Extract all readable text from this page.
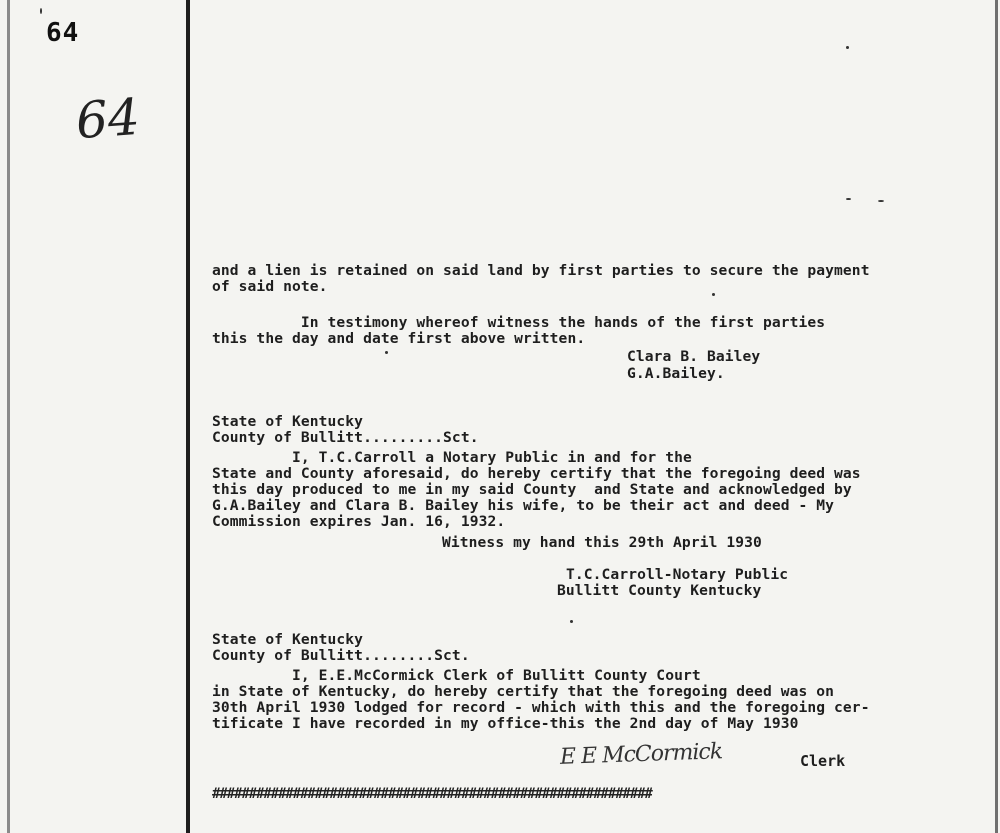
64
64
and a lien is retained on said land by first parties to secure the payment
of said note.
In testimony whereof witness the hands of the first parties
this the day and date first above written.
Clara B. Bailey
G.A.Bailey.
State of Kentucky
County of Bullitt.........Sct.
I, T.C.Carroll a Notary Public in and for the
State and County aforesaid, do hereby certify that the foregoing deed was
this day produced to me in my said County  and State and acknowledged by
G.A.Bailey and Clara B. Bailey his wife, to be their act and deed - My
Commission expires Jan. 16, 1932.
Witness my hand this 29th April 1930
T.C.Carroll-Notary Public
Bullitt County Kentucky
State of Kentucky
County of Bullitt........Sct.
I, E.E.McCormick Clerk of Bullitt County Court
in State of Kentucky, do hereby certify that the foregoing deed was on
30th April 1930 lodged for record - which with this and the foregoing cer-
tificate I have recorded in my office-this the 2nd day of May 1930
E E McCormick	Clerk
############################################################
